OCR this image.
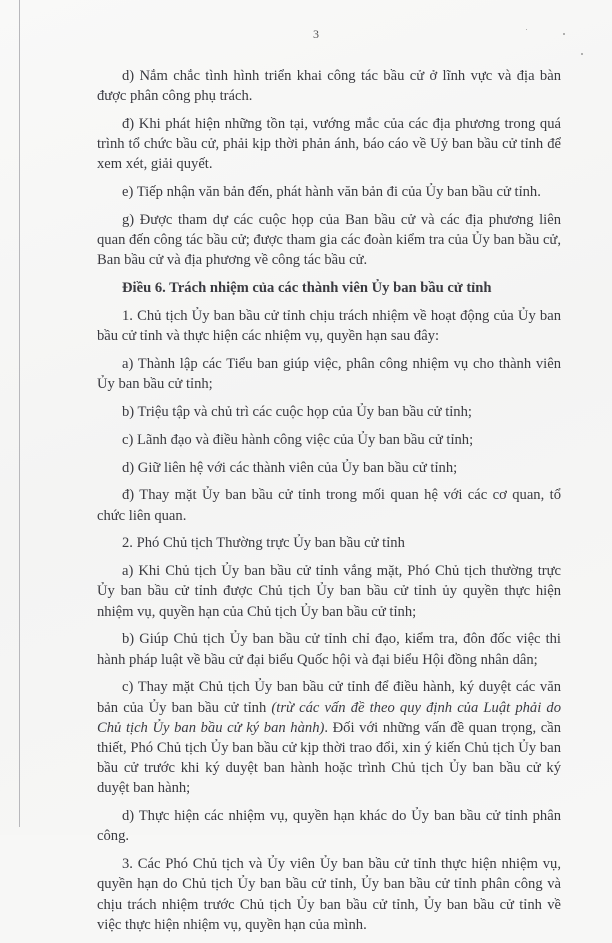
3

d) Nắm chắc tình hình triển khai công tác bầu cử ở lĩnh vực và địa bàn được phân công phụ trách.

đ) Khi phát hiện những tồn tại, vướng mắc của các địa phương trong quá trình tổ chức bầu cử, phải kịp thời phản ánh, báo cáo về Uỷ ban bầu cử tỉnh để xem xét, giải quyết.

e) Tiếp nhận văn bản đến, phát hành văn bản đi của Ủy ban bầu cử tỉnh.

g) Được tham dự các cuộc họp của Ban bầu cử và các địa phương liên quan đến công tác bầu cử; được tham gia các đoàn kiểm tra của Ủy ban bầu cử, Ban bầu cử và địa phương về công tác bầu cử.

Điều 6. Trách nhiệm của các thành viên Ủy ban bầu cử tỉnh

1. Chủ tịch Ủy ban bầu cử tỉnh chịu trách nhiệm về hoạt động của Ủy ban bầu cử tỉnh và thực hiện các nhiệm vụ, quyền hạn sau đây:

a) Thành lập các Tiểu ban giúp việc, phân công nhiệm vụ cho thành viên Ủy ban bầu cử tỉnh;

b) Triệu tập và chủ trì các cuộc họp của Ủy ban bầu cử tỉnh;

c) Lãnh đạo và điều hành công việc của Ủy ban bầu cử tỉnh;

d) Giữ liên hệ với các thành viên của Ủy ban bầu cử tỉnh;

đ) Thay mặt Ủy ban bầu cử tỉnh trong mối quan hệ với các cơ quan, tổ chức liên quan.

2. Phó Chủ tịch Thường trực Ủy ban bầu cử tỉnh

a) Khi Chủ tịch Ủy ban bầu cử tỉnh vắng mặt, Phó Chủ tịch thường trực Ủy ban bầu cử tỉnh được Chủ tịch Ủy ban bầu cử tỉnh ủy quyền thực hiện nhiệm vụ, quyền hạn của Chủ tịch Ủy ban bầu cử tỉnh;

b) Giúp Chủ tịch Ủy ban bầu cử tỉnh chỉ đạo, kiểm tra, đôn đốc việc thi hành pháp luật về bầu cử đại biểu Quốc hội và đại biểu Hội đồng nhân dân;

c) Thay mặt Chủ tịch Ủy ban bầu cử tỉnh để điều hành, ký duyệt các văn bản của Ủy ban bầu cử tỉnh (trừ các vấn đề theo quy định của Luật phải do Chủ tịch Ủy ban bầu cử ký ban hành). Đối với những vấn đề quan trọng, cần thiết, Phó Chủ tịch Ủy ban bầu cử kịp thời trao đổi, xin ý kiến Chủ tịch Ủy ban bầu cử trước khi ký duyệt ban hành hoặc trình Chủ tịch Ủy ban bầu cử ký duyệt ban hành;

d) Thực hiện các nhiệm vụ, quyền hạn khác do Ủy ban bầu cử tỉnh phân công.

3. Các Phó Chủ tịch và Ủy viên Ủy ban bầu cử tỉnh thực hiện nhiệm vụ, quyền hạn do Chủ tịch Ủy ban bầu cử tỉnh, Ủy ban bầu cử tỉnh phân công và chịu trách nhiệm trước Chủ tịch Ủy ban bầu cử tỉnh, Ủy ban bầu cử tỉnh về việc thực hiện nhiệm vụ, quyền hạn của mình.
